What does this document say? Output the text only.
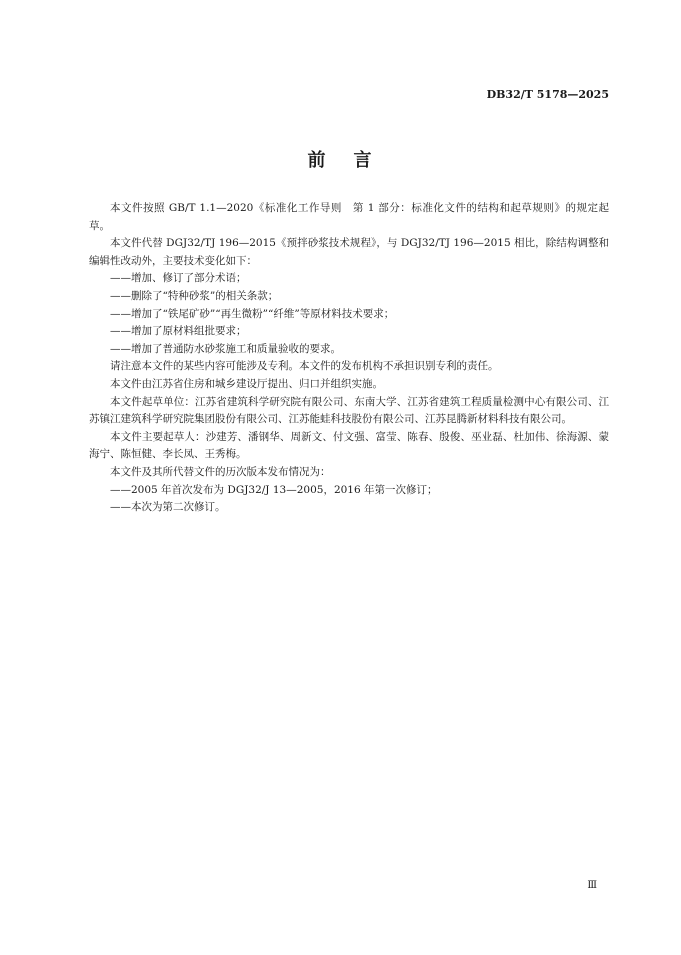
DB32/T 5178—2025
前 言

本文件按照 GB/T 1.1—2020《标准化工作导则　第 1 部分：标准化文件的结构和起草规则》的规定起草。

本文件代替 DGJ32/TJ 196—2015《预拌砂浆技术规程》，与 DGJ32/TJ 196—2015 相比，除结构调整和编辑性改动外，主要技术变化如下：

——增加、修订了部分术语；

——删除了“特种砂浆”的相关条款；

——增加了“铁尾矿砂”“再生微粉”“纤维”等原材料技术要求；

——增加了原材料组批要求；

——增加了普通防水砂浆施工和质量验收的要求。

请注意本文件的某些内容可能涉及专利。本文件的发布机构不承担识别专利的责任。

本文件由江苏省住房和城乡建设厅提出、归口并组织实施。

本文件起草单位：江苏省建筑科学研究院有限公司、东南大学、江苏省建筑工程质量检测中心有限公司、江苏镇江建筑科学研究院集团股份有限公司、江苏能蛙科技股份有限公司、江苏昆腾新材料科技有限公司。

本文件主要起草人：沙建芳、潘钢华、周新文、付文强、富莹、陈春、殷俊、巫业磊、杜加伟、徐海源、蒙海宁、陈恒健、李长凤、王秀梅。

本文件及其所代替文件的历次版本发布情况为：

——2005 年首次发布为 DGJ32/J 13—2005，2016 年第一次修订；

——本次为第二次修订。

Ⅲ
